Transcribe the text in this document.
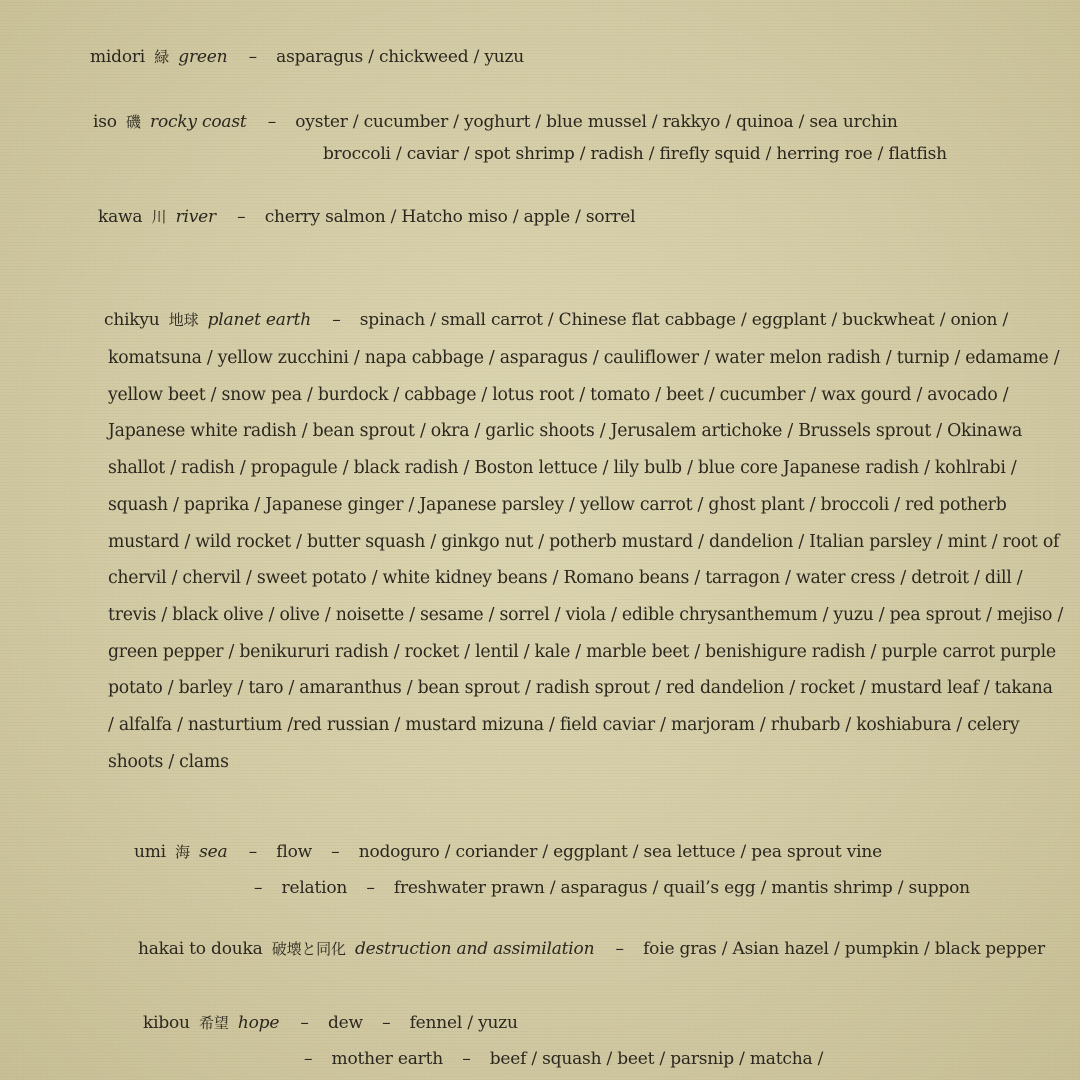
midori 緑 green – asparagus / chickweed / yuzu
iso 磯 rocky coast – oyster / cucumber / yoghurt / blue mussel / rakkyo / quinoa / sea urchin
broccoli / caviar / spot shrimp / radish / firefly squid / herring roe / flatfish
kawa 川 river – cherry salmon / Hatcho miso / apple / sorrel
chikyu 地球 planet earth – spinach / small carrot / Chinese flat cabbage / eggplant / buckwheat / onion /
komatsuna / yellow zucchini / napa cabbage / asparagus / cauliflower / water melon radish / turnip / edamame /
yellow beet / snow pea / burdock / cabbage / lotus root / tomato / beet / cucumber / wax gourd / avocado /
Japanese white radish / bean sprout / okra / garlic shoots / Jerusalem artichoke / Brussels sprout / Okinawa
shallot / radish / propagule / black radish / Boston lettuce / lily bulb / blue core Japanese radish / kohlrabi /
squash / paprika / Japanese ginger / Japanese parsley / yellow carrot / ghost plant / broccoli / red potherb
mustard / wild rocket / butter squash / ginkgo nut / potherb mustard / dandelion / Italian parsley / mint / root of
chervil / chervil / sweet potato / white kidney beans / Romano beans / tarragon / water cress / detroit / dill /
trevis / black olive / olive / noisette / sesame / sorrel / viola / edible chrysanthemum / yuzu / pea sprout / mejiso /
green pepper / benikururi radish / rocket / lentil / kale / marble beet / benishigure radish / purple carrot purple
potato / barley / taro / amaranthus / bean sprout / radish sprout / red dandelion / rocket / mustard leaf / takana
/ alfalfa / nasturtium /red russian / mustard mizuna / field caviar / marjoram / rhubarb / koshiabura / celery
shoots / clams
umi 海 sea – flow – nodoguro / coriander / eggplant / sea lettuce / pea sprout vine
– relation – freshwater prawn / asparagus / quail’s egg / mantis shrimp / suppon
hakai to douka 破壊と同化 destruction and assimilation – foie gras / Asian hazel / pumpkin / black pepper
kibou 希望 hope – dew – fennel / yuzu
– mother earth – beef / squash / beet / parsnip / matcha /
